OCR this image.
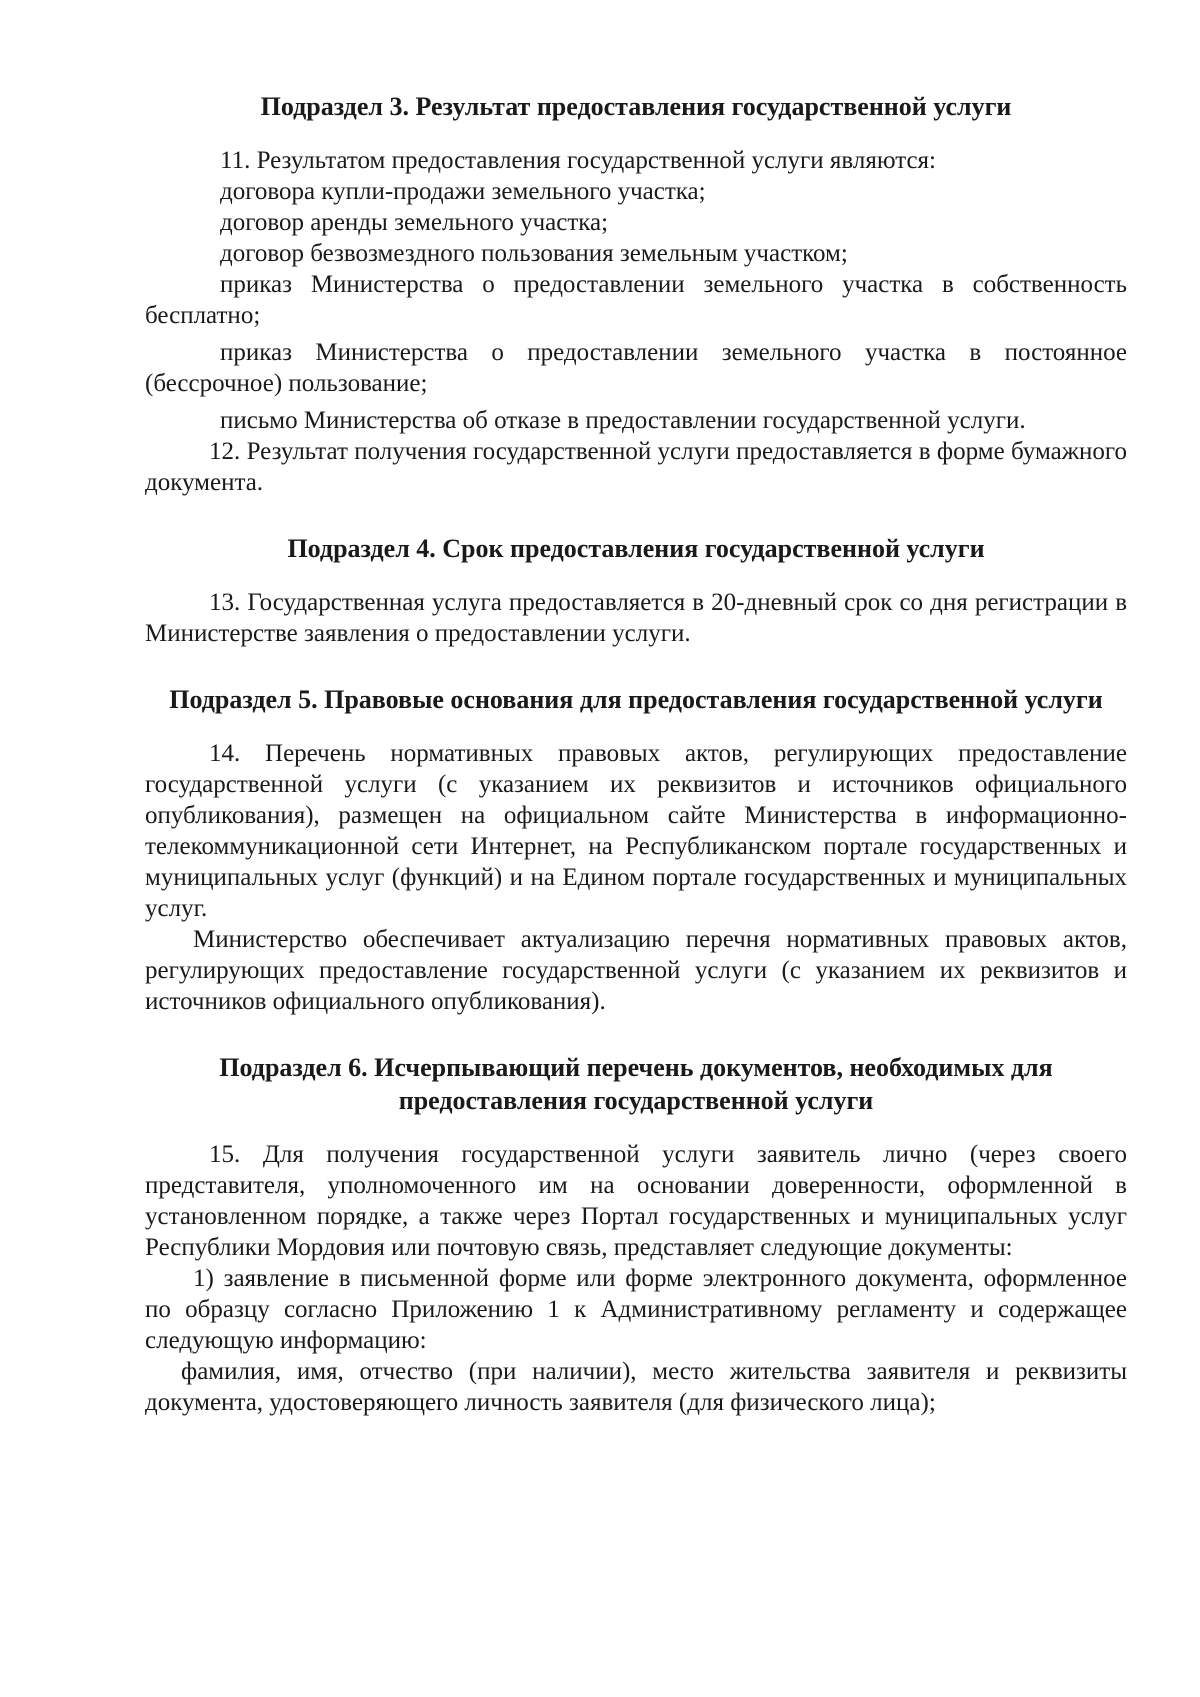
Подраздел 3. Результат предоставления государственной услуги

11. Результатом предоставления государственной услуги являются:

договора купли-продажи земельного участка;

договор аренды земельного участка;

договор безвозмездного пользования земельным участком;

приказ Министерства о предоставлении земельного участка в собственность бесплатно;

приказ Министерства о предоставлении земельного участка в постоянное (бессрочное) пользование;

письмо Министерства об отказе в предоставлении государственной услуги.

12. Результат получения государственной услуги предоставляется в форме бумажного документа.

Подраздел 4. Срок предоставления государственной услуги

13. Государственная услуга предоставляется в 20-дневный срок со дня регистрации в Министерстве заявления о предоставлении услуги.

Подраздел 5. Правовые основания для предоставления государственной услуги

14. Перечень нормативных правовых актов, регулирующих предоставление государственной услуги (с указанием их реквизитов и источников официального опубликования), размещен на официальном сайте Министерства в информационно-телекоммуникационной сети Интернет, на Республиканском портале государственных и муниципальных услуг (функций) и на Едином портале государственных и муниципальных услуг.

Министерство обеспечивает актуализацию перечня нормативных правовых актов, регулирующих предоставление государственной услуги (с указанием их реквизитов и источников официального опубликования).

Подраздел 6. Исчерпывающий перечень документов, необходимых для предоставления государственной услуги

15. Для получения государственной услуги заявитель лично (через своего представителя, уполномоченного им на основании доверенности, оформленной в установленном порядке, а также через Портал государственных и муниципальных услуг Республики Мордовия или почтовую связь, представляет следующие документы:

1) заявление в письменной форме или форме электронного документа, оформленное по образцу согласно Приложению 1 к Административному регламенту и содержащее следующую информацию:

фамилия, имя, отчество (при наличии), место жительства заявителя и реквизиты документа, удостоверяющего личность заявителя (для физического лица);
